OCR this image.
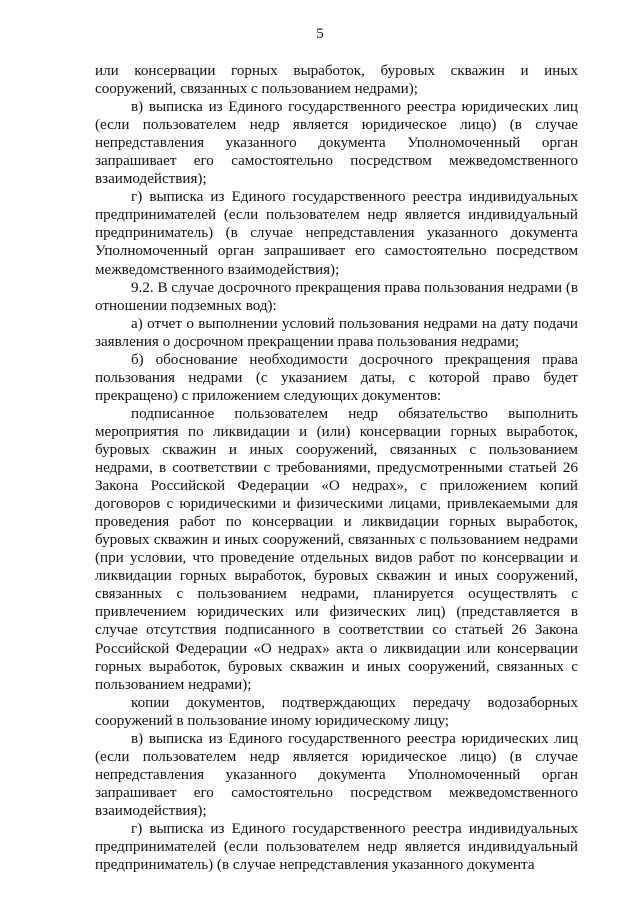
5

или консервации горных выработок, буровых скважин и иных сооружений, связанных с пользованием недрами);

в) выписка из Единого государственного реестра юридических лиц (если пользователем недр является юридическое лицо) (в случае непредставления указанного документа Уполномоченный орган запрашивает его самостоятельно посредством межведомственного взаимодействия);

г) выписка из Единого государственного реестра индивидуальных предпринимателей (если пользователем недр является индивидуальный предприниматель) (в случае непредставления указанного документа Уполномоченный орган запрашивает его самостоятельно посредством межведомственного взаимодействия);

9.2. В случае досрочного прекращения права пользования недрами (в отношении подземных вод):

а) отчет о выполнении условий пользования недрами на дату подачи заявления о досрочном прекращении права пользования недрами;

б) обоснование необходимости досрочного прекращения права пользования недрами (с указанием даты, с которой право будет прекращено) с приложением следующих документов:

подписанное пользователем недр обязательство выполнить мероприятия по ликвидации и (или) консервации горных выработок, буровых скважин и иных сооружений, связанных с пользованием недрами, в соответствии с требованиями, предусмотренными статьей 26 Закона Российской Федерации «О недрах», с приложением копий договоров с юридическими и физическими лицами, привлекаемыми для проведения работ по консервации и ликвидации горных выработок, буровых скважин и иных сооружений, связанных с пользованием недрами (при условии, что проведение отдельных видов работ по консервации и ликвидации горных выработок, буровых скважин и иных сооружений, связанных с пользованием недрами, планируется осуществлять с привлечением юридических или физических лиц) (представляется в случае отсутствия подписанного в соответствии со статьей 26 Закона Российской Федерации «О недрах» акта о ликвидации или консервации горных выработок, буровых скважин и иных сооружений, связанных с пользованием недрами);

копии документов, подтверждающих передачу водозаборных сооружений в пользование иному юридическому лицу;

в) выписка из Единого государственного реестра юридических лиц (если пользователем недр является юридическое лицо) (в случае непредставления указанного документа Уполномоченный орган запрашивает его самостоятельно посредством межведомственного взаимодействия);

г) выписка из Единого государственного реестра индивидуальных предпринимателей (если пользователем недр является индивидуальный предприниматель) (в случае непредставления указанного документа
